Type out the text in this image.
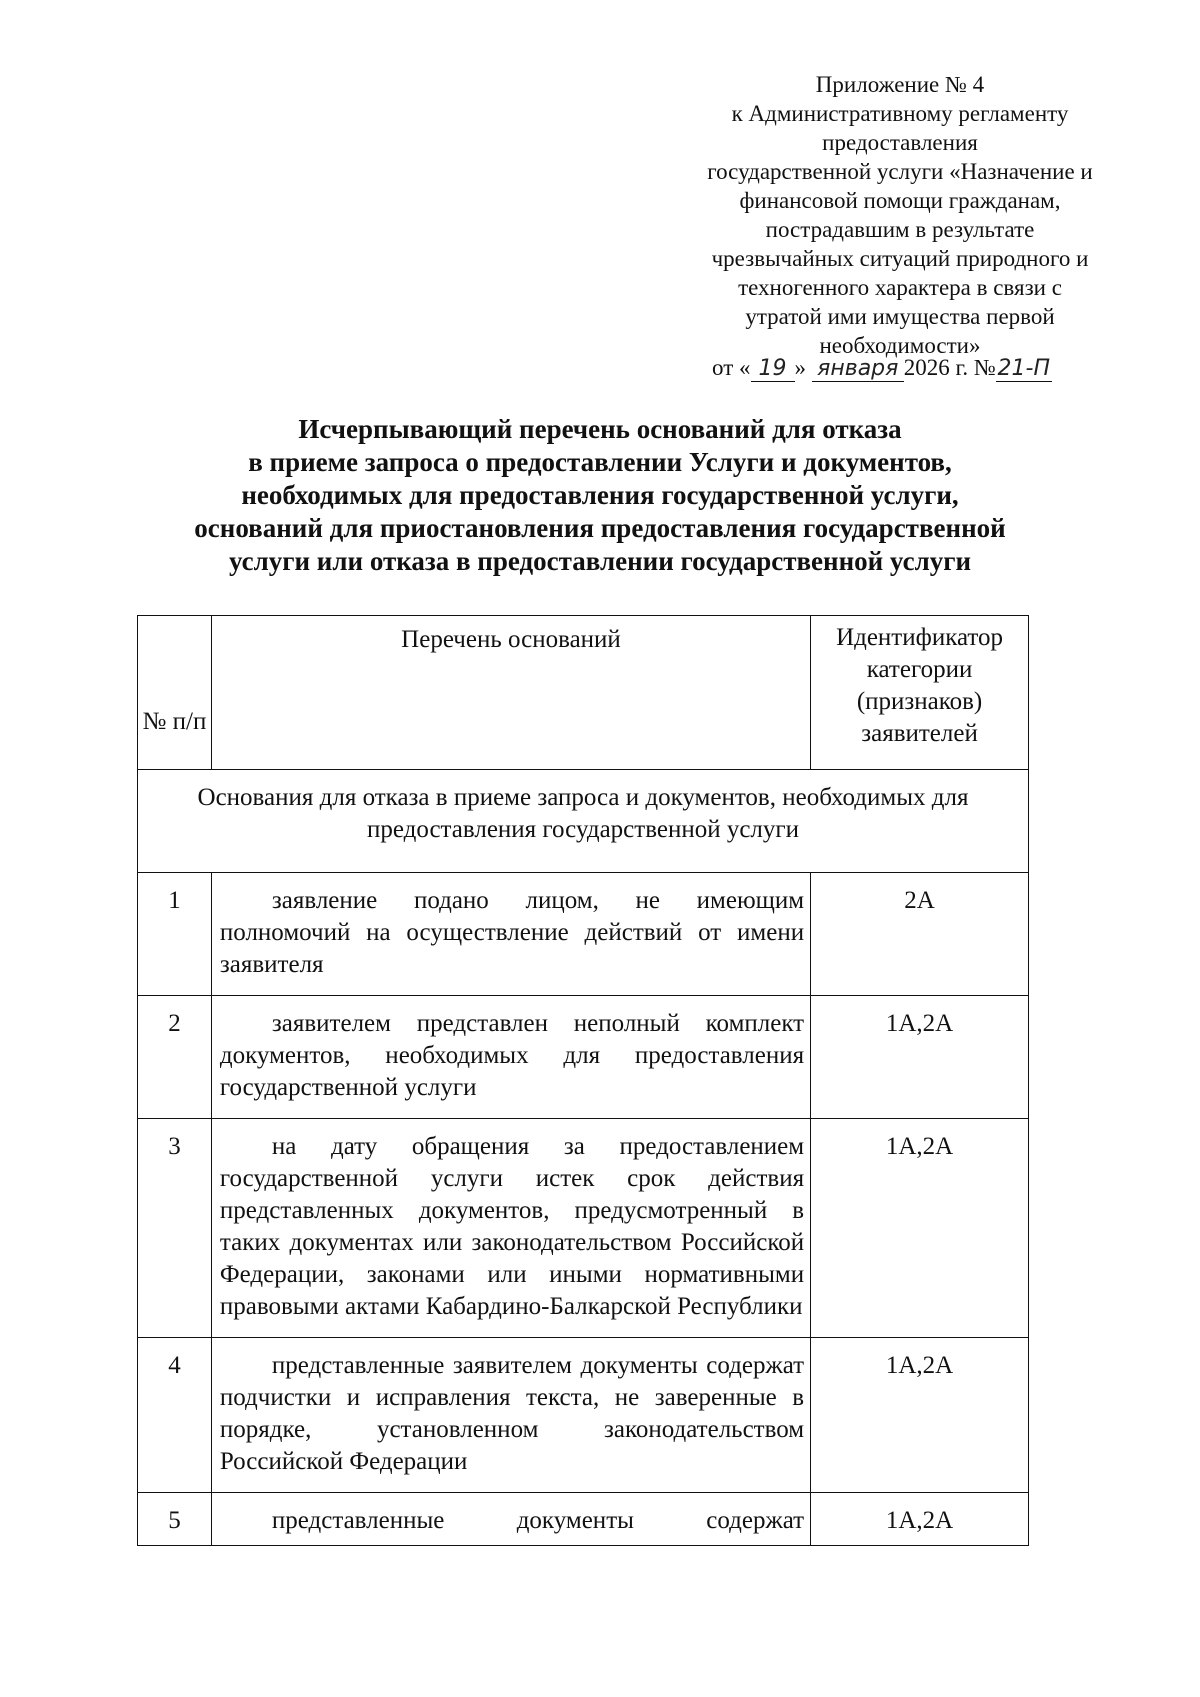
Приложение № 4
к Административному регламенту
предоставления
государственной услуги «Назначение и
финансовой помощи гражданам,
пострадавшим в результате
чрезвычайных ситуаций природного и
техногенного характера в связи с
утратой ими имущества первой
необходимости»
от « 19 » января 2026 г. №21-П
Исчерпывающий перечень оснований для отказа
в приеме запроса о предоставлении Услуги и документов,
необходимых для предоставления государственной услуги,
оснований для приостановления предоставления государственной
услуги или отказа в предоставлении государственной услуги
№ п/п	Перечень оснований	Идентификатор категории (признаков) заявителей
Основания для отказа в приеме запроса и документов, необходимых для предоставления государственной услуги		
1	заявление подано лицом, не имеющим полномочий на осуществление действий от имени заявителя	2А
2	заявителем представлен неполный комплект документов, необходимых для предоставления государственной услуги	1А,2А
3	на дату обращения за предоставлением государственной услуги истек срок действия представленных документов, предусмотренный в таких документах или законодательством Российской Федерации, законами или иными нормативными правовыми актами Кабардино-Балкарской Республики	1А,2А
4	представленные заявителем документы содержат подчистки и исправления текста, не заверенные в порядке, установленном законодательством Российской Федерации	1А,2А
5	представленные документы содержат	1А,2А
